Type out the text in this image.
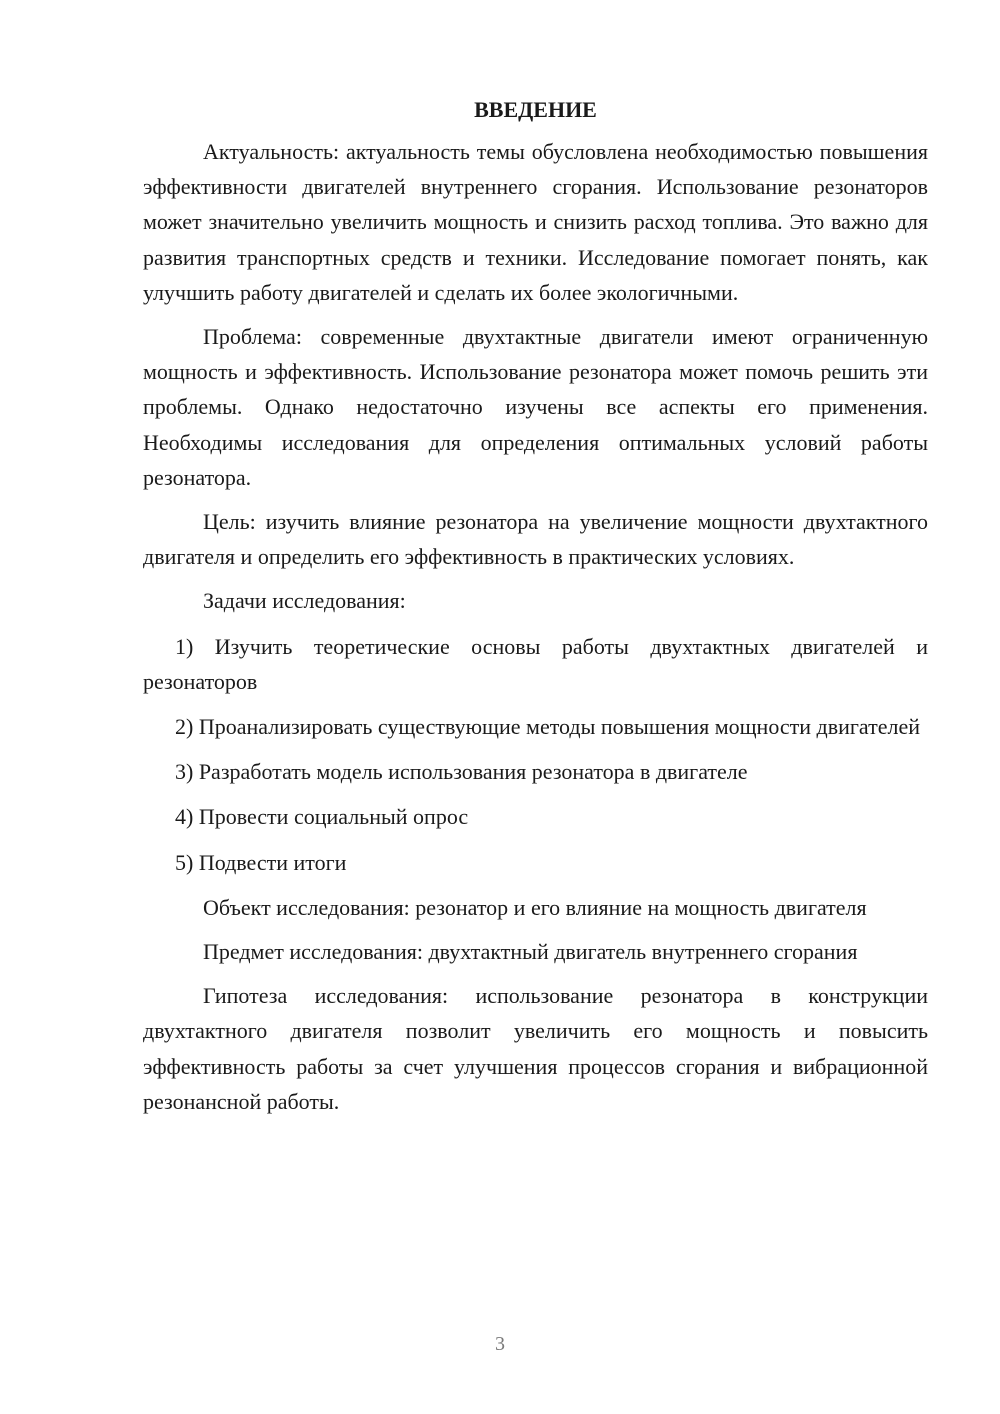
ВВЕДЕНИЕ

Актуальность: актуальность темы обусловлена необходимостью повышения эффективности двигателей внутреннего сгорания. Использование резонаторов может значительно увеличить мощность и снизить расход топлива. Это важно для развития транспортных средств и техники. Исследование помогает понять, как улучшить работу двигателей и сделать их более экологичными.

Проблема: современные двухтактные двигатели имеют ограниченную мощность и эффективность. Использование резонатора может помочь решить эти проблемы. Однако недостаточно изучены все аспекты его применения. Необходимы исследования для определения оптимальных условий работы резонатора.

Цель: изучить влияние резонатора на увеличение мощности двухтактного двигателя и определить его эффективность в практических условиях.

Задачи исследования:

1) Изучить теоретические основы работы двухтактных двигателей и резонаторов

2) Проанализировать существующие методы повышения мощности двигателей

3) Разработать модель использования резонатора в двигателе

4) Провести социальный опрос

5) Подвести итоги

Объект исследования: резонатор и его влияние на мощность двигателя

Предмет исследования: двухтактный двигатель внутреннего сгорания

Гипотеза исследования: использование резонатора в конструкции двухтактного двигателя позволит увеличить его мощность и повысить эффективность работы за счет улучшения процессов сгорания и вибрационной резонансной работы.

3
